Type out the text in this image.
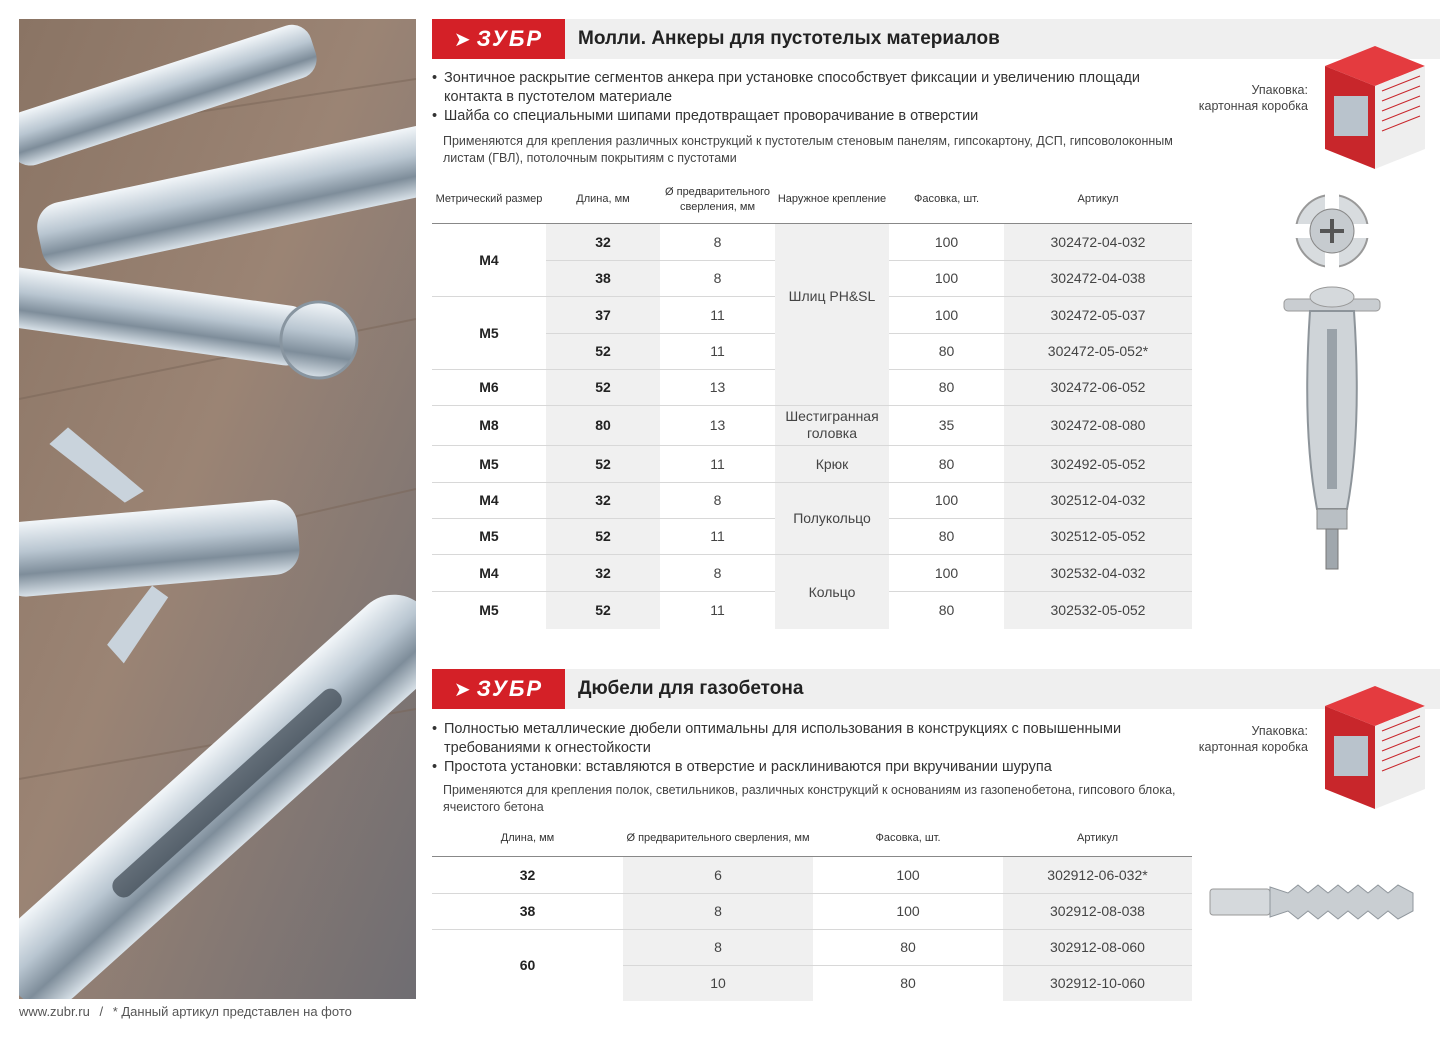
www.zubr.ru / * Данный артикул представлен на фото
➤ ЗУБР Молли. Анкеры для пустотелых материалов
• Зонтичное раскрытие сегментов анкера при установке способствует фиксации и увеличению площади контакта в пустотелом материале
• Шайба со специальными шипами предотвращает проворачивание в отверстии
Применяются для крепления различных конструкций к пустотелым стеновым панелям, гипсокартону, ДСП, гипсоволоконным листам (ГВЛ), потолочным покрытиям с пустотами
Упаковка:
картонная коробка
Метрический размер	Длина, мм	Ø предварительного сверления, мм	Наружное крепление	Фасовка, шт.	Артикул
M4	32	8	Шлиц PH&SL	100	302472-04-032
	38	8		100	302472-04-038
M5	37	11		100	302472-05-037
	52	11		80	302472-05-052*
M6	52	13		80	302472-06-052
M8	80	13	Шестигранная головка	35	302472-08-080
M5	52	11	Крюк	80	302492-05-052
M4	32	8	Полукольцо	100	302512-04-032
M5	52	11		80	302512-05-052
M4	32	8	Кольцо	100	302532-04-032
M5	52	11		80	302532-05-052
➤ ЗУБР Дюбели для газобетона
• Полностью металлические дюбели оптимальны для использования в конструкциях с повышенными требованиями к огнестойкости
• Простота установки: вставляются в отверстие и расклиниваются при вкручивании шурупа
Применяются для крепления полок, светильников, различных конструкций к основаниям из газопенобетона, гипсового блока, ячеистого бетона
Упаковка:
картонная коробка
Длина, мм	Ø предварительного сверления, мм	Фасовка, шт.	Артикул
32	6	100	302912-06-032*
38	8	100	302912-08-038
60	8	80	302912-08-060
	10	80	302912-10-060
